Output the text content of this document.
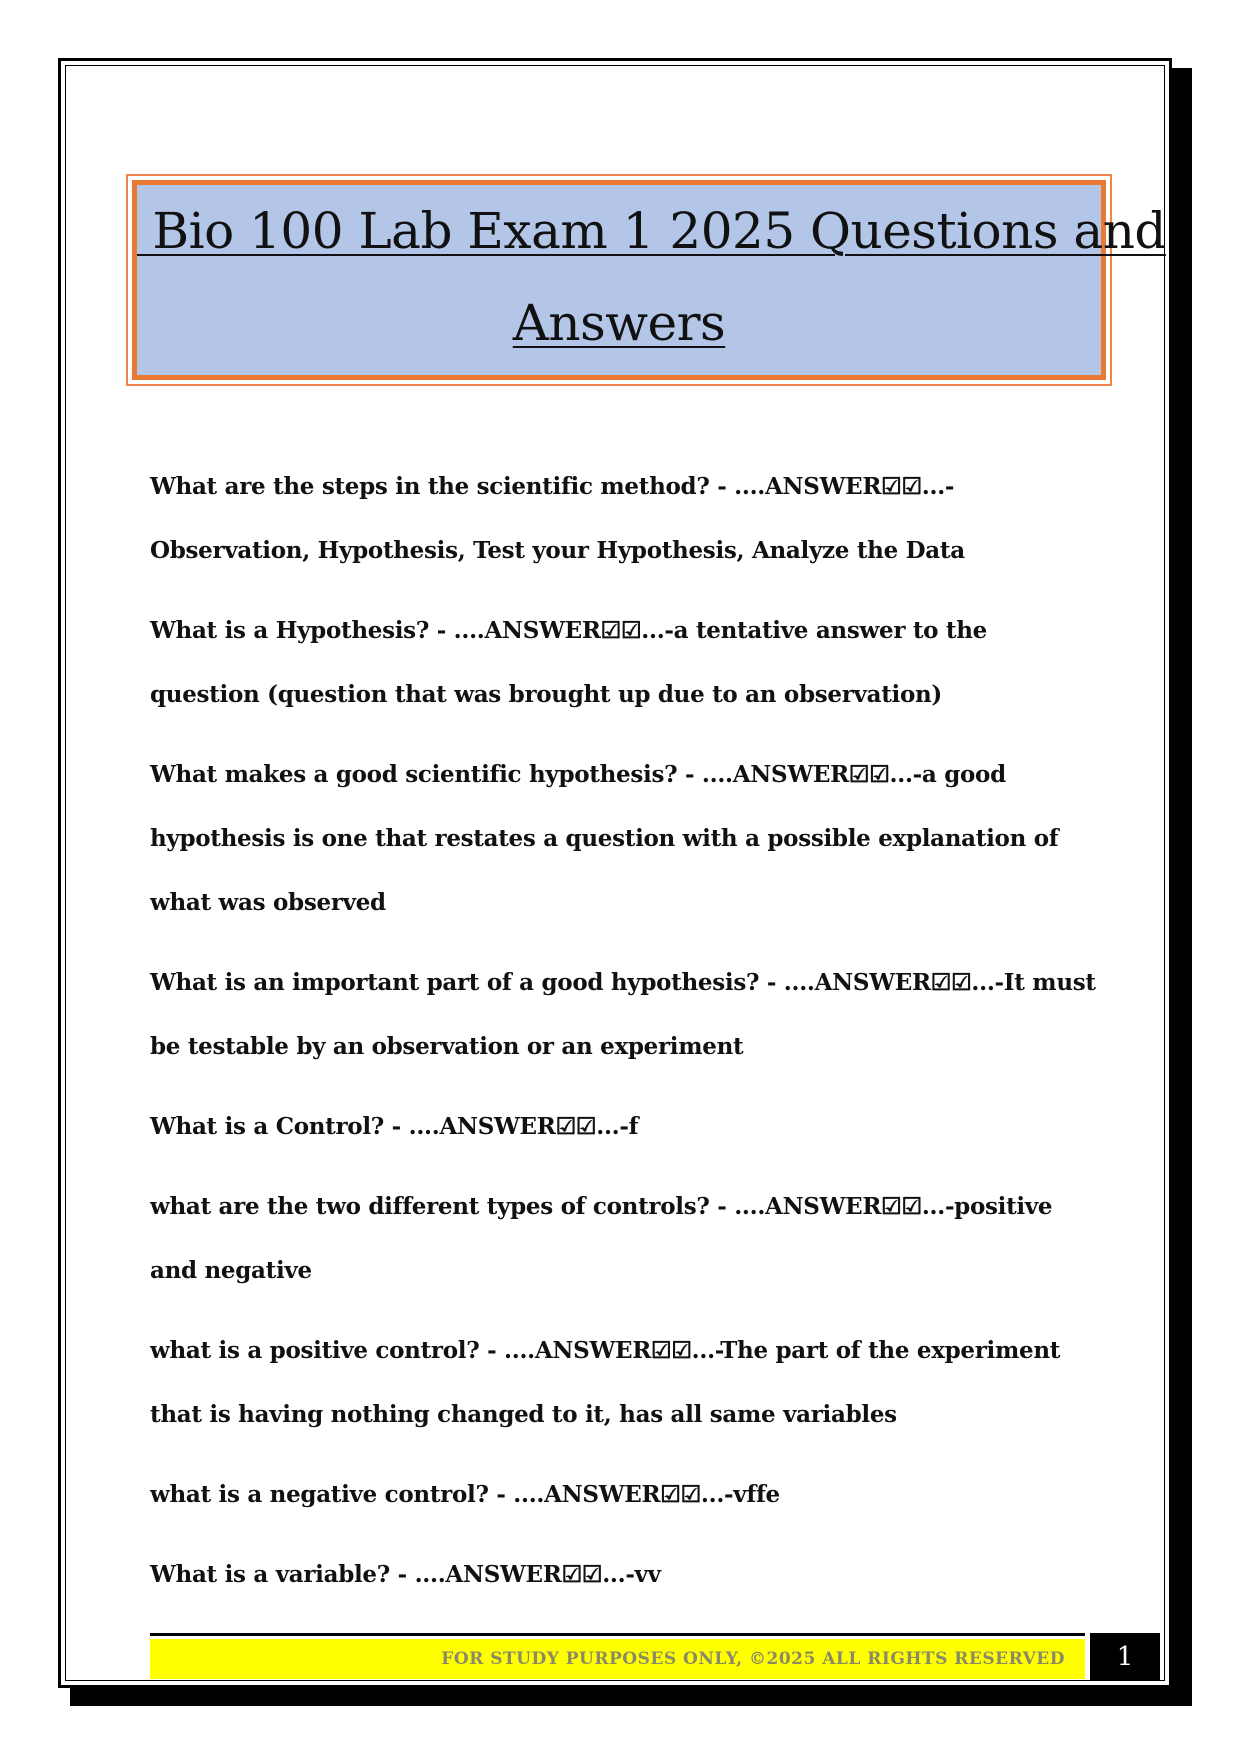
Bio 100 Lab Exam 1 2025 Questions and

Answers

What are the steps in the scientific method? - ....ANSWER☑☑...-Observation, Hypothesis, Test your Hypothesis, Analyze the Data

What is a Hypothesis? - ....ANSWER☑☑...-a tentative answer to the question (question that was brought up due to an observation)

What makes a good scientific hypothesis? - ....ANSWER☑☑...-a good hypothesis is one that restates a question with a possible explanation of what was observed

What is an important part of a good hypothesis? - ....ANSWER☑☑...-It must be testable by an observation or an experiment

What is a Control? - ....ANSWER☑☑...-f

what are the two different types of controls? - ....ANSWER☑☑...-positive and negative

what is a positive control? - ....ANSWER☑☑...-The part of the experiment that is having nothing changed to it, has all same variables

what is a negative control? - ....ANSWER☑☑...-vffe

What is a variable? - ....ANSWER☑☑...-vv

FOR STUDY PURPOSES ONLY, ©2025 ALL RIGHTS RESERVED	1
